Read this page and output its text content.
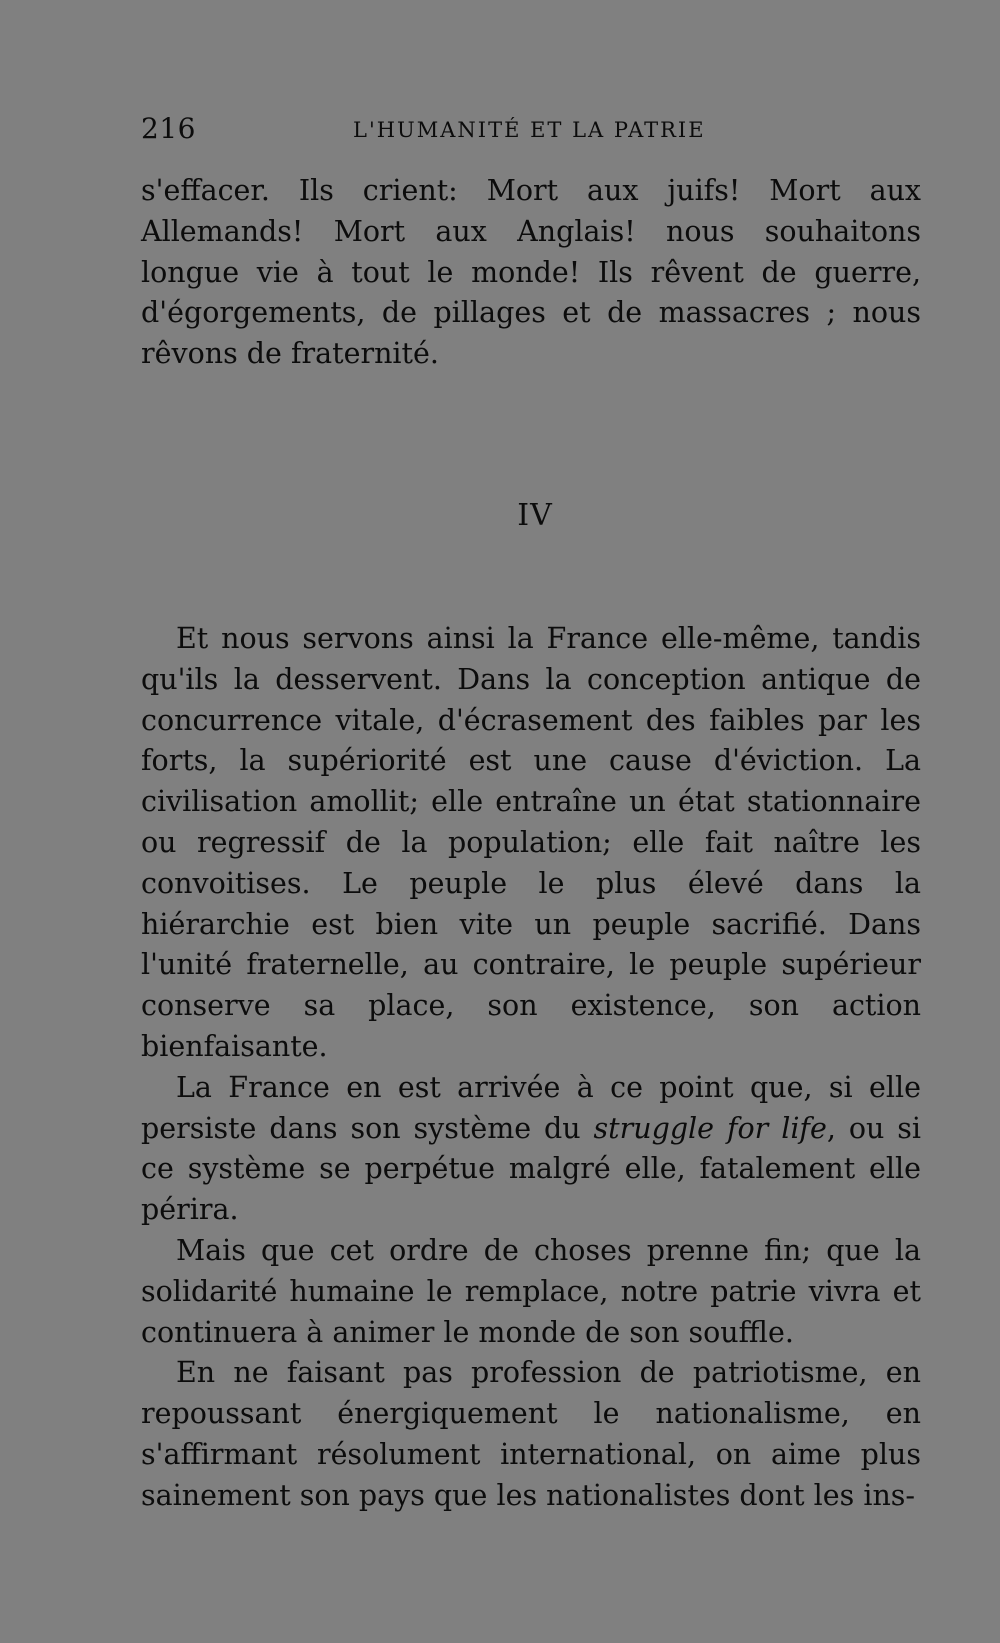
216	L'HUMANITÉ ET LA PATRIE

s'effacer. Ils crient: Mort aux juifs! Mort aux Allemands! Mort aux Anglais! nous souhaitons longue vie à tout le monde! Ils rêvent de guerre, d'égorgements, de pillages et de massacres ; nous rêvons de fraternité.

IV

Et nous servons ainsi la France elle-même, tandis qu'ils la desservent. Dans la conception antique de concurrence vitale, d'écrasement des faibles par les forts, la supériorité est une cause d'éviction. La civilisation amollit; elle entraîne un état stationnaire ou regressif de la population; elle fait naître les convoitises. Le peuple le plus élevé dans la hiérarchie est bien vite un peuple sacrifié. Dans l'unité fraternelle, au contraire, le peuple supérieur conserve sa place, son existence, son action bienfaisante.

La France en est arrivée à ce point que, si elle persiste dans son système du struggle for life, ou si ce système se perpétue malgré elle, fatalement elle périra.

Mais que cet ordre de choses prenne fin; que la solidarité humaine le remplace, notre patrie vivra et continuera à animer le monde de son souffle.

En ne faisant pas profession de patriotisme, en repoussant énergiquement le nationalisme, en s'affirmant résolument international, on aime plus sainement son pays que les nationalistes dont les ins-
